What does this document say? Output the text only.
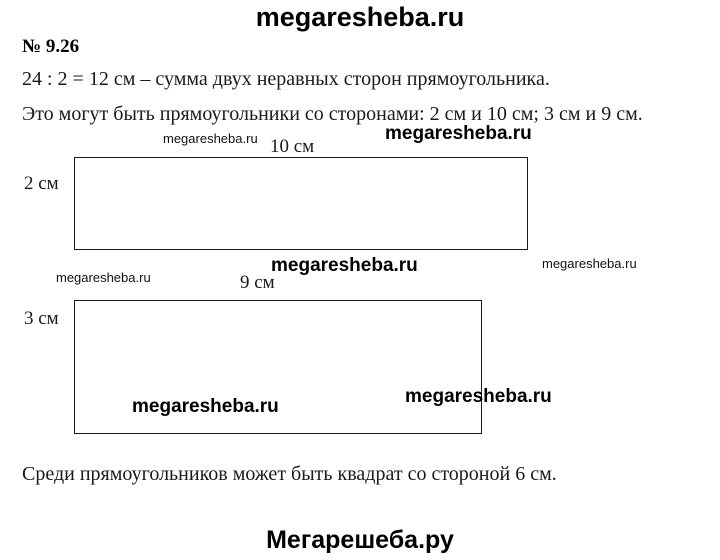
megaresheba.ru
№ 9.26
24 : 2 = 12 см – сумма двух неравных сторон прямоугольника.
Это могут быть прямоугольники со сторонами: 2 см и 10 см; 3 см и 9 см.
megaresheba.ru	megaresheba.ru
10 см
2 см
megaresheba.ru
megaresheba.ru	megaresheba.ru
9 см
3 см
megaresheba.ru	megaresheba.ru
Среди прямоугольников может быть квадрат со стороной 6 см.
Мегарешеба.ру
